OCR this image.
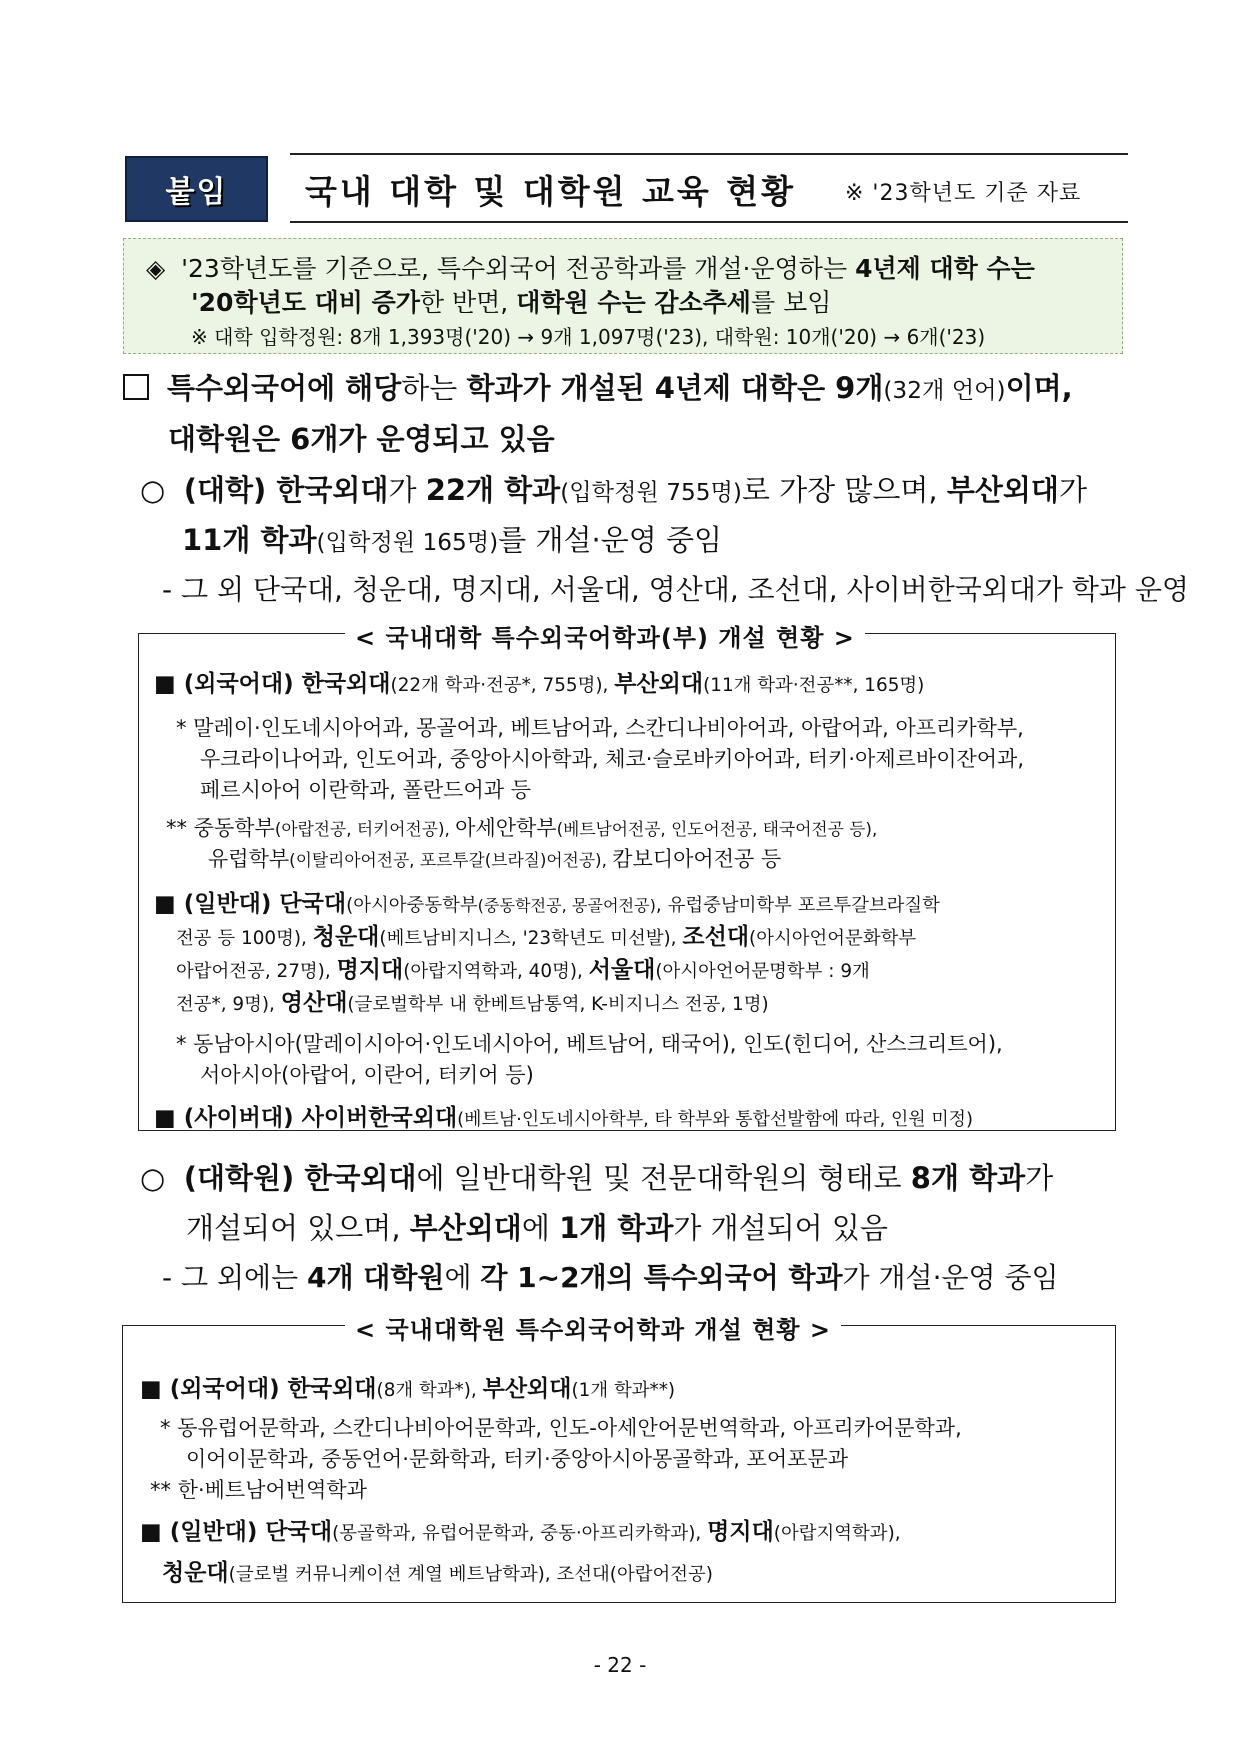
붙임 국내 대학 및 대학원 교육 현황 ※ '23학년도 기준 자료
◈ '23학년도를 기준으로, 특수외국어 전공학과를 개설·운영하는 4년제 대학 수는
'20학년도 대비 증가한 반면, 대학원 수는 감소추세를 보임
※ 대학 입학정원: 8개 1,393명('20) → 9개 1,097명('23), 대학원: 10개('20) → 6개('23)
특수외국어에 해당하는 학과가 개설된 4년제 대학은 9개(32개 언어)이며,
대학원은 6개가 운영되고 있음
○ (대학) 한국외대가 22개 학과(입학정원 755명)로 가장 많으며, 부산외대가
11개 학과(입학정원 165명)를 개설·운영 중임
- 그 외 단국대, 청운대, 명지대, 서울대, 영산대, 조선대, 사이버한국외대가 학과 운영
< 국내대학 특수외국어학과(부) 개설 현황 >
■ (외국어대) 한국외대(22개 학과·전공*, 755명), 부산외대(11개 학과·전공**, 165명)
* 말레이·인도네시아어과, 몽골어과, 베트남어과, 스칸디나비아어과, 아랍어과, 아프리카학부,
우크라이나어과, 인도어과, 중앙아시아학과, 체코·슬로바키아어과, 터키·아제르바이잔어과,
페르시아어 이란학과, 폴란드어과 등
** 중동학부(아랍전공, 터키어전공), 아세안학부(베트남어전공, 인도어전공, 태국어전공 등),
유럽학부(이탈리아어전공, 포르투갈(브라질)어전공), 캄보디아어전공 등
■ (일반대) 단국대(아시아중동학부(중동학전공, 몽골어전공), 유럽중남미학부 포르투갈브라질학
전공 등 100명), 청운대(베트남비지니스, '23학년도 미선발), 조선대(아시아언어문화학부
아랍어전공, 27명), 명지대(아랍지역학과, 40명), 서울대(아시아언어문명학부 : 9개
전공*, 9명), 영산대(글로벌학부 내 한베트남통역, K-비지니스 전공, 1명)
* 동남아시아(말레이시아어·인도네시아어, 베트남어, 태국어), 인도(힌디어, 산스크리트어),
서아시아(아랍어, 이란어, 터키어 등)
■ (사이버대) 사이버한국외대(베트남·인도네시아학부, 타 학부와 통합선발함에 따라, 인원 미정)
○ (대학원) 한국외대에 일반대학원 및 전문대학원의 형태로 8개 학과가
개설되어 있으며, 부산외대에 1개 학과가 개설되어 있음
- 그 외에는 4개 대학원에 각 1~2개의 특수외국어 학과가 개설·운영 중임
< 국내대학원 특수외국어학과 개설 현황 >
■ (외국어대) 한국외대(8개 학과*), 부산외대(1개 학과**)
* 동유럽어문학과, 스칸디나비아어문학과, 인도-아세안어문번역학과, 아프리카어문학과,
이어이문학과, 중동언어·문화학과, 터키·중앙아시아몽골학과, 포어포문과
** 한·베트남어번역학과
■ (일반대) 단국대(몽골학과, 유럽어문학과, 중동·아프리카학과), 명지대(아랍지역학과),
청운대(글로벌 커뮤니케이션 계열 베트남학과), 조선대(아랍어전공)
- 22 -
